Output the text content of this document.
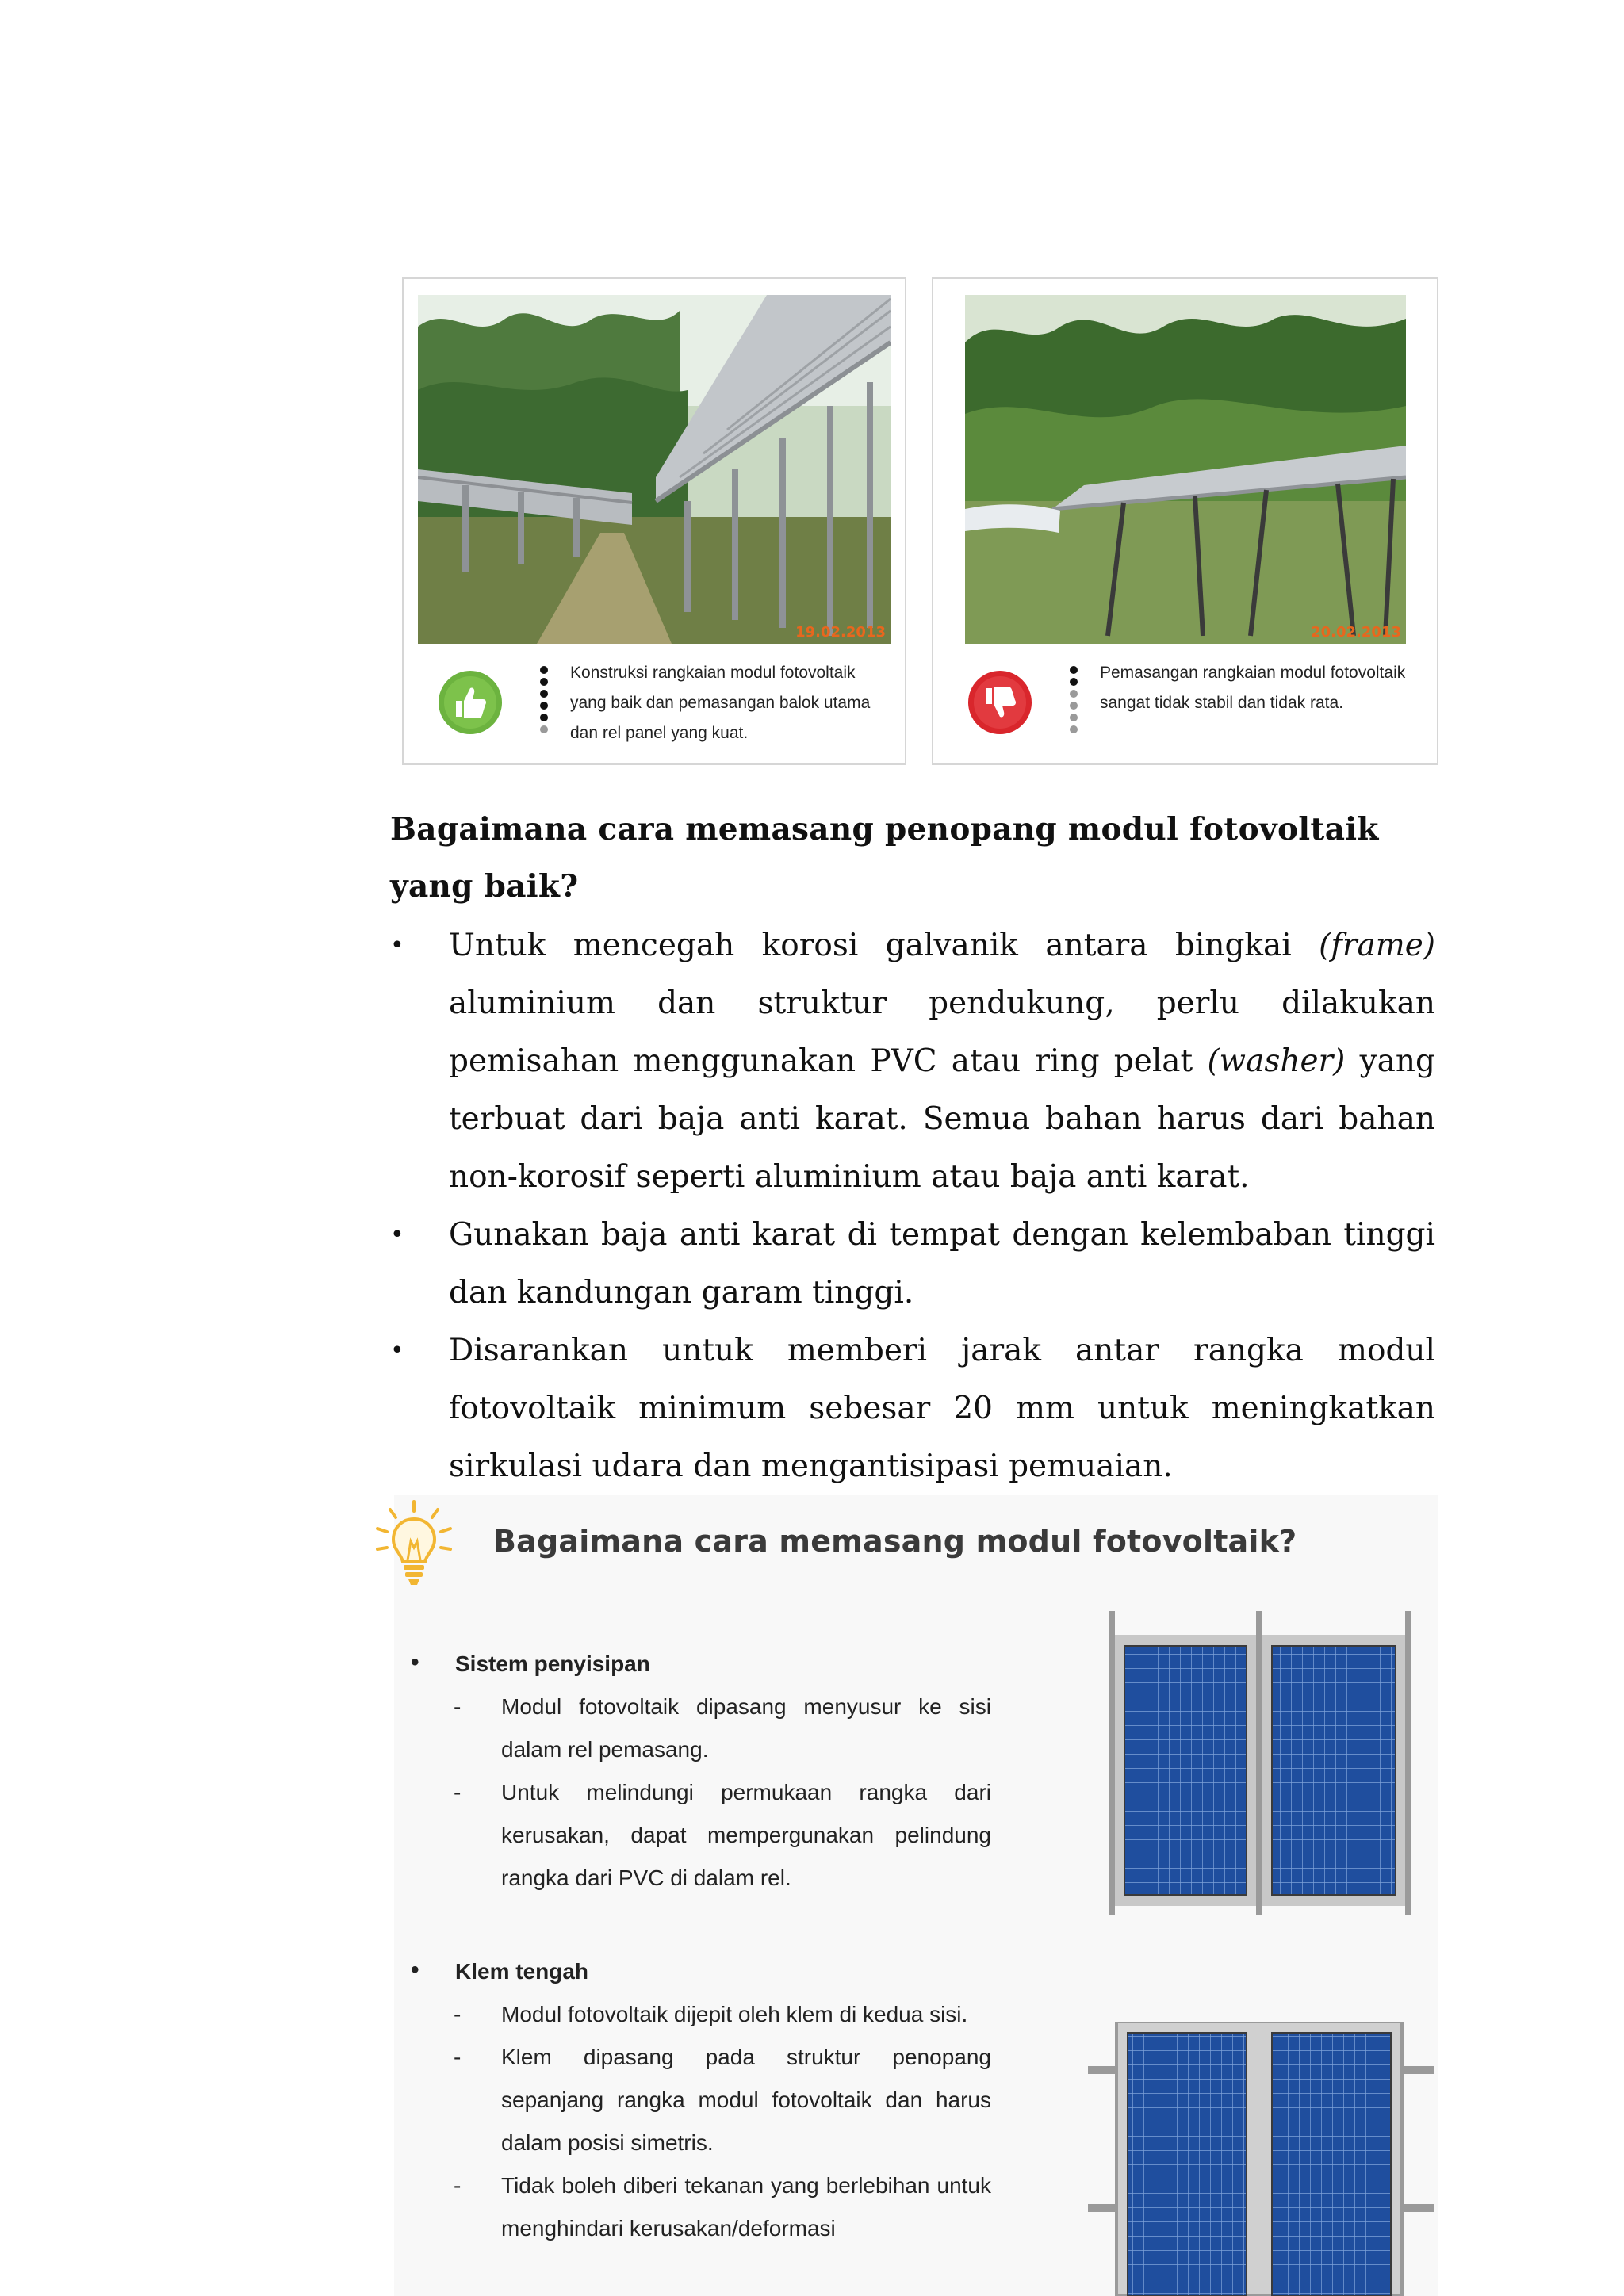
19.02.2013
Konstruksi rangkaian modul fotovoltaik yang baik dan pemasangan balok utama dan rel panel yang kuat.
20.02.2013
Pemasangan rangkaian modul fotovoltaik sangat tidak stabil dan tidak rata.
Bagaimana cara memasang penopang modul fotovoltaik yang baik?
• Untuk mencegah korosi galvanik antara bingkai (frame) aluminium dan struktur pendukung, perlu dilakukan pemisahan menggunakan PVC atau ring pelat (washer) yang terbuat dari baja anti karat. Semua bahan harus dari bahan non-korosif seperti aluminium atau baja anti karat.
• Gunakan baja anti karat di tempat dengan kelembaban tinggi dan kandungan garam tinggi.
• Disarankan untuk memberi jarak antar rangka modul fotovoltaik minimum sebesar 20 mm untuk meningkatkan sirkulasi udara dan mengantisipasi pemuaian.
Bagaimana cara memasang modul fotovoltaik?
• Sistem penyisipan
- Modul fotovoltaik dipasang menyusur ke sisi dalam rel pemasang.
- Untuk melindungi permukaan rangka dari kerusakan, dapat mempergunakan pelindung rangka dari PVC di dalam rel.
• Klem tengah
- Modul fotovoltaik dijepit oleh klem di kedua sisi.
- Klem dipasang pada struktur penopang sepanjang rangka modul fotovoltaik dan harus dalam posisi simetris.
- Tidak boleh diberi tekanan yang berlebihan untuk menghindari kerusakan/deformasi
